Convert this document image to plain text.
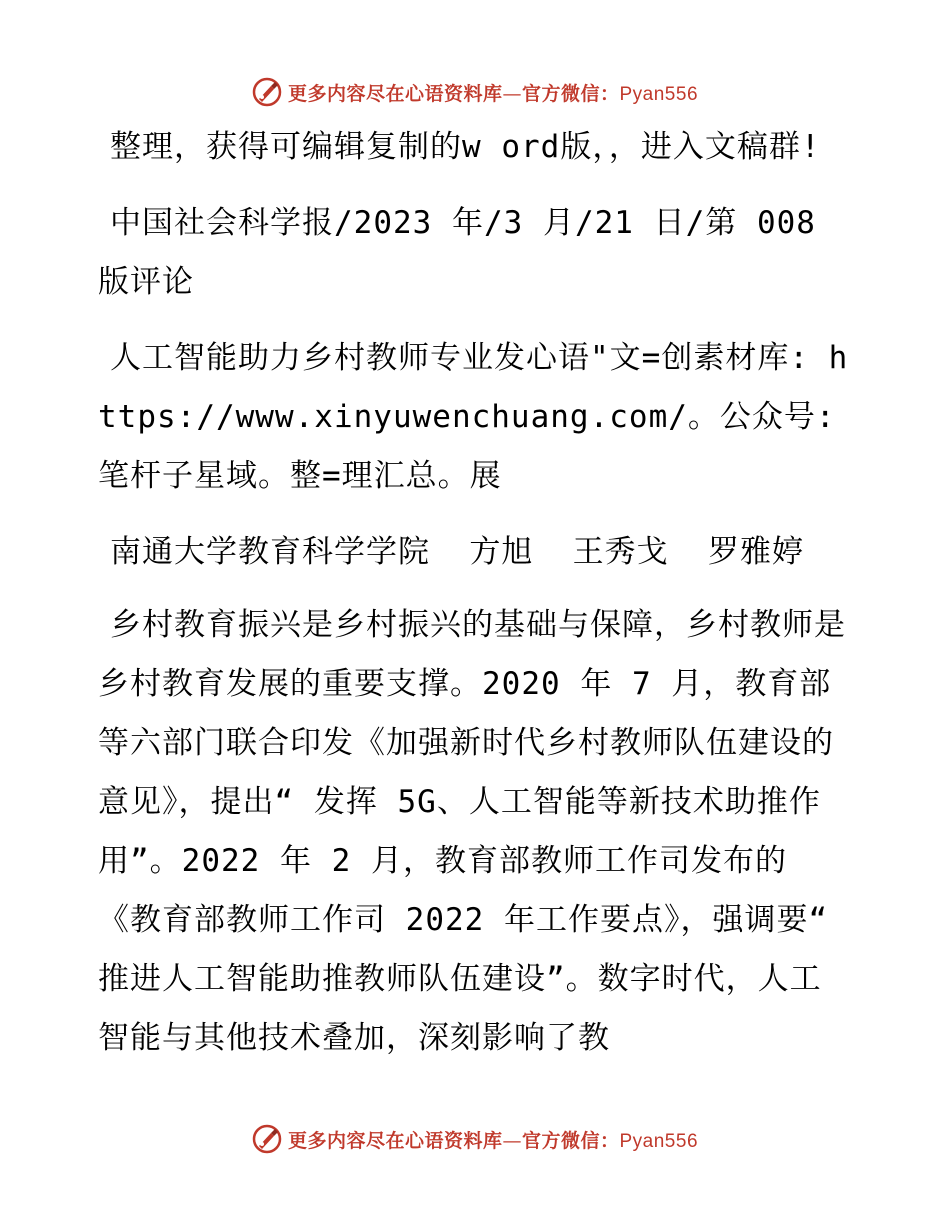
更多内容尽在心语资料库—官方微信：Pyan556

整理，获得可编辑复制的w ord版，，进入文稿群!

中国社会科学报/2023 年/3 月/21 日/第 008 版评论

人工智能助力乡村教师专业发心语"文=创素材库: https://www.xinyuwenchuang.com/。公众号: 笔杆子星域。整=理汇总。展

南通大学教育科学学院  方旭  王秀戈  罗雅婷

乡村教育振兴是乡村振兴的基础与保障，乡村教师是乡村教育发展的重要支撑。2020 年 7 月，教育部等六部门联合印发《加强新时代乡村教师队伍建设的意见》，提出“ 发挥 5G、人工智能等新技术助推作用”。2022 年 2 月，教育部教师工作司发布的《教育部教师工作司 2022 年工作要点》，强调要“ 推进人工智能助推教师队伍建设”。数字时代，人工智能与其他技术叠加，深刻影响了教

更多内容尽在心语资料库—官方微信：Pyan556
